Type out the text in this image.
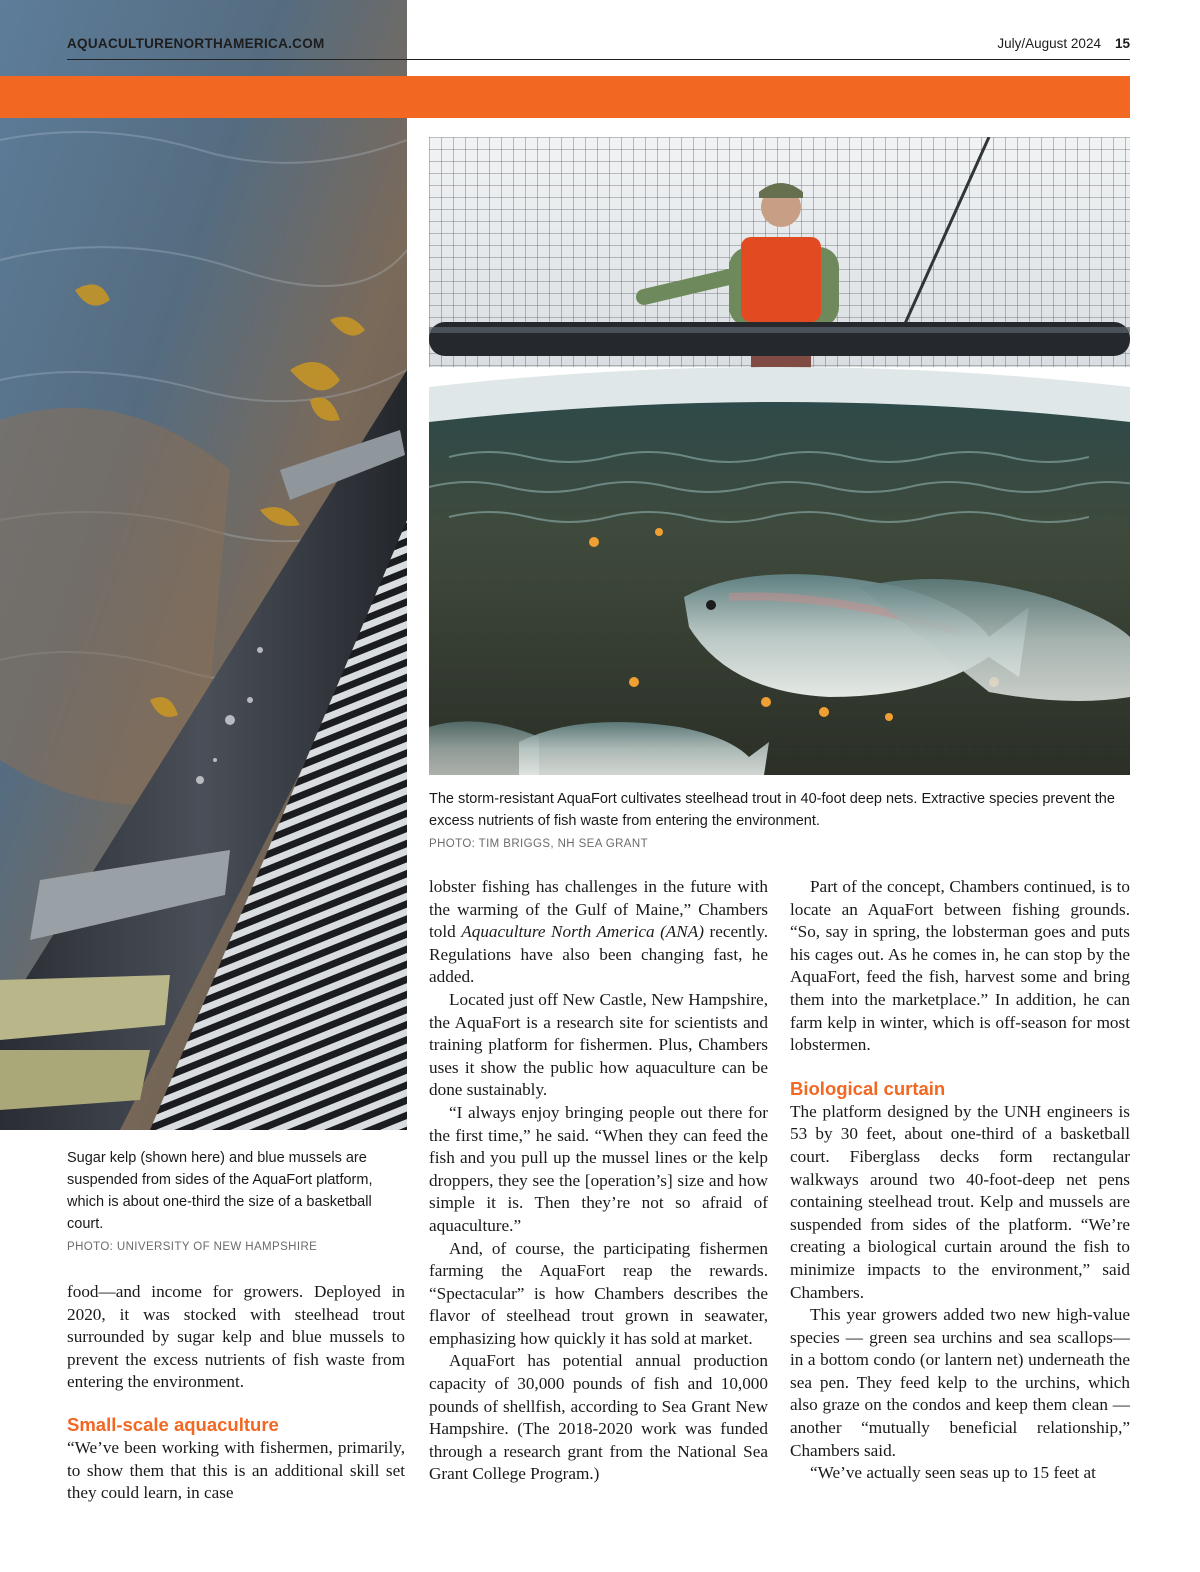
AQUACULTURENORTHAMERICA.COM	July/August 2024 15
The storm-resistant AquaFort cultivates steelhead trout in 40-foot deep nets. Extractive species prevent the excess nutrients of fish waste from entering the environment.
PHOTO: TIM BRIGGS, NH SEA GRANT
Sugar kelp (shown here) and blue mussels are suspended from sides of the AquaFort platform, which is about one-third the size of a basketball court.
PHOTO: UNIVERSITY OF NEW HAMPSHIRE

food—and income for growers. Deployed in 2020, it was stocked with steelhead trout surrounded by sugar kelp and blue mussels to prevent the excess nutrients of fish waste from entering the environment.

Small-scale aquaculture

“We’ve been working with fishermen, primarily, to show them that this is an additional skill set they could learn, in case

lobster fishing has challenges in the future with the warming of the Gulf of Maine,” Chambers told Aquaculture North America (ANA) recently. Regulations have also been changing fast, he added.

Located just off New Castle, New Hampshire, the AquaFort is a research site for scientists and training platform for fishermen. Plus, Chambers uses it show the public how aquaculture can be done sustainably.

“I always enjoy bringing people out there for the first time,” he said. “When they can feed the fish and you pull up the mussel lines or the kelp droppers, they see the [operation’s] size and how simple it is. Then they’re not so afraid of aquaculture.”

And, of course, the participating fishermen farming the AquaFort reap the rewards. “Spectacular” is how Chambers describes the flavor of steelhead trout grown in seawater, emphasizing how quickly it has sold at market.

AquaFort has potential annual production capacity of 30,000 pounds of fish and 10,000 pounds of shellfish, according to Sea Grant New Hampshire. (The 2018-2020 work was funded through a research grant from the National Sea Grant College Program.)

Part of the concept, Chambers continued, is to locate an AquaFort between fishing grounds. “So, say in spring, the lobsterman goes and puts his cages out. As he comes in, he can stop by the AquaFort, feed the fish, harvest some and bring them into the marketplace.” In addition, he can farm kelp in winter, which is off-season for most lobstermen.

Biological curtain

The platform designed by the UNH engineers is 53 by 30 feet, about one-third of a basketball court. Fiberglass decks form rectangular walkways around two 40-foot-deep net pens containing steelhead trout. Kelp and mussels are suspended from sides of the platform. “We’re creating a biological curtain around the fish to minimize impacts to the environment,” said Chambers.

This year growers added two new high-value species — green sea urchins and sea scallops—in a bottom condo (or lantern net) underneath the sea pen. They feed kelp to the urchins, which also graze on the condos and keep them clean — another “mutually beneficial relationship,” Chambers said.

“We’ve actually seen seas up to 15 feet at
